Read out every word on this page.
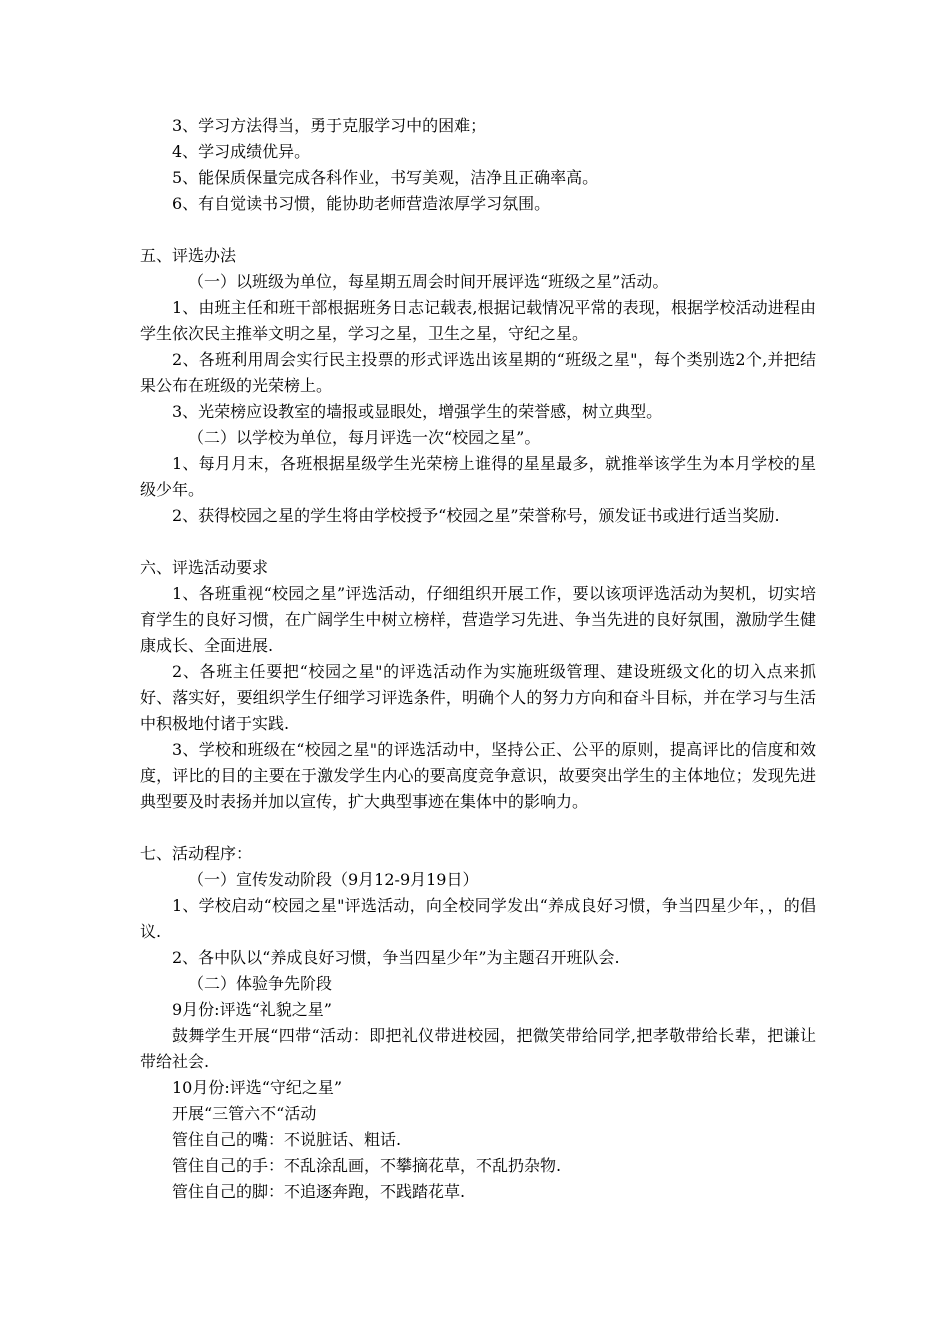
3、学习方法得当，勇于克服学习中的困难；

4、学习成绩优异。

5、能保质保量完成各科作业，书写美观，洁净且正确率高。

6、有自觉读书习惯，能协助老师营造浓厚学习氛围。

五、评选办法

（一）以班级为单位，每星期五周会时间开展评选“班级之星”活动。

1、由班主任和班干部根据班务日志记载表,根据记载情况平常的表现，根据学校活动进程由学生依次民主推举文明之星，学习之星，卫生之星，守纪之星。

2、各班利用周会实行民主投票的形式评选出该星期的“班级之星"，每个类别选2个,并把结果公布在班级的光荣榜上。

3、光荣榜应设教室的墙报或显眼处，增强学生的荣誉感，树立典型。

（二）以学校为单位，每月评选一次“校园之星”。

1、每月月末，各班根据星级学生光荣榜上谁得的星星最多，就推举该学生为本月学校的星级少年。

2、获得校园之星的学生将由学校授予“校园之星”荣誉称号，颁发证书或进行适当奖励.

六、评选活动要求

1、各班重视“校园之星”评选活动，仔细组织开展工作，要以该项评选活动为契机，切实培育学生的良好习惯，在广阔学生中树立榜样，营造学习先进、争当先进的良好氛围，激励学生健康成长、全面进展.

2、各班主任要把“校园之星"的评选活动作为实施班级管理、建设班级文化的切入点来抓好、落实好，要组织学生仔细学习评选条件，明确个人的努力方向和奋斗目标，并在学习与生活中积极地付诸于实践.

3、学校和班级在“校园之星"的评选活动中，坚持公正、公平的原则，提高评比的信度和效度，评比的目的主要在于激发学生内心的要高度竞争意识，故要突出学生的主体地位；发现先进典型要及时表扬并加以宣传，扩大典型事迹在集体中的影响力。

七、活动程序：

（一）宣传发动阶段（9月12-9月19日）

1、学校启动“校园之星"评选活动，向全校同学发出“养成良好习惯，争当四星少年，，的倡议.

2、各中队以“养成良好习惯，争当四星少年”为主题召开班队会.

（二）体验争先阶段

9月份:评选“礼貌之星”

鼓舞学生开展“四带“活动：即把礼仪带进校园，把微笑带给同学,把孝敬带给长辈，把谦让带给社会.

10月份:评选“守纪之星”

开展“三管六不“活动

管住自己的嘴：不说脏话、粗话.

管住自己的手：不乱涂乱画，不攀摘花草，不乱扔杂物.

管住自己的脚：不追逐奔跑，不践踏花草.
